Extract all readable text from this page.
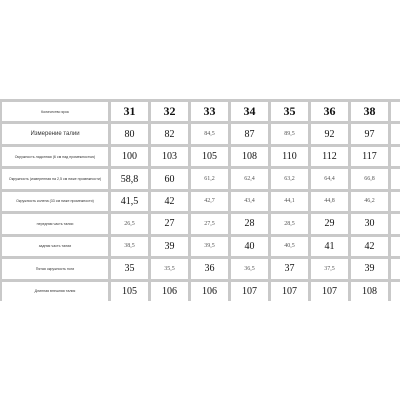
Количество ярок	31	32	33	34	35	36	38
Измерение талии	80	82	84,5	87	89,5	92	97
Окружность ладонная (6 см над промежностью)	100	103	105	108	110	112	117
Окружность (измеренная на 2,5 см ниже промежности)	58,8	60	61,2	62,4	63,2	64,4	66,8
Окружность колена (33 см ниже промежности)	41,5	42	42,7	43,4	44,1	44,8	46,2
передняя часть талии	26,5	27	27,5	28	28,5	29	30
задняя часть талии	38,5	39	39,5	40	40,5	41	42
Пятая окружность ноги	35	35,5	36	36,5	37	37,5	39
Длинная внешняя талия	105	106	106	107	107	107	108
